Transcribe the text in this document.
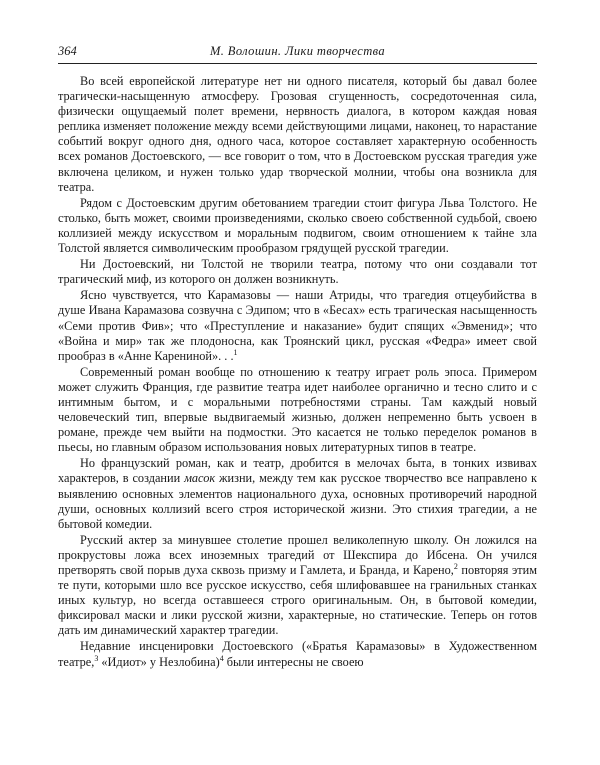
364	М. Волошин. Лики творчества

Во всей европейской литературе нет ни одного писателя, который бы давал более трагически-насыщенную атмосферу. Грозовая сгущенность, сосредоточенная сила, физически ощущаемый полет времени, нервность диалога, в котором каждая новая реплика изменяет положение между всеми действующими лицами, наконец, то нарастание событий вокруг одного дня, одного часа, которое составляет характерную особенность всех романов Достоевского, — все говорит о том, что в Достоевском русская трагедия уже включена целиком, и нужен только удар творческой молнии, чтобы она возникла для театра.

Рядом с Достоевским другим обетованием трагедии стоит фигура Льва Толстого. Не столько, быть может, своими произведениями, сколько своею собственной судьбой, своею коллизией между искусством и моральным подвигом, своим отношением к тайне зла Толстой является символическим прообразом грядущей русской трагедии.

Ни Достоевский, ни Толстой не творили театра, потому что они создавали тот трагический миф, из которого он должен возникнуть.

Ясно чувствуется, что Карамазовы — наши Атриды, что трагедия отцеубийства в душе Ивана Карамазова созвучна с Эдипом; что в «Бесах» есть трагическая насыщенность «Семи против Фив»; что «Преступление и наказание» будит спящих «Эвменид»; что «Война и мир» так же плодоносна, как Троянский цикл, русская «Федра» имеет свой прообраз в «Анне Карениной». . .$^1$

Современный роман вообще по отношению к театру играет роль эпоса. Примером может служить Франция, где развитие театра идет наиболее органично и тесно слито и с интимным бытом, и с моральными потребностями страны. Там каждый новый человеческий тип, впервые выдвигаемый жизнью, должен непременно быть усвоен в романе, прежде чем выйти на подмостки. Это касается не только переделок романов в пьесы, но главным образом использования новых литературных типов в театре.

Но французский роман, как и театр, дробится в мелочах быта, в тонких извивах характеров, в создании масок жизни, между тем как русское творчество все направлено к выявлению основных элементов национального духа, основных противоречий народной души, основных коллизий всего строя исторической жизни. Это стихия трагедии, а не бытовой комедии.

Русский актер за минувшее столетие прошел великолепную школу. Он ложился на прокрустовы ложа всех иноземных трагедий от Шекспира до Ибсена. Он учился претворять свой порыв духа сквозь призму и Гамлета, и Бранда, и Карено,$^2$ повторяя этим те пути, которыми шло все русское искусство, себя шлифовавшее на гранильных станках иных культур, но всегда оставшееся строго оригинальным. Он, в бытовой комедии, фиксировал маски и лики русской жизни, характерные, но статические. Теперь он готов дать им динамический характер трагедии.

Недавние инсценировки Достоевского («Братья Карамазовы» в Художественном театре,$^3$ «Идиот» у Незлобина)$^4$ были интересны не своею
